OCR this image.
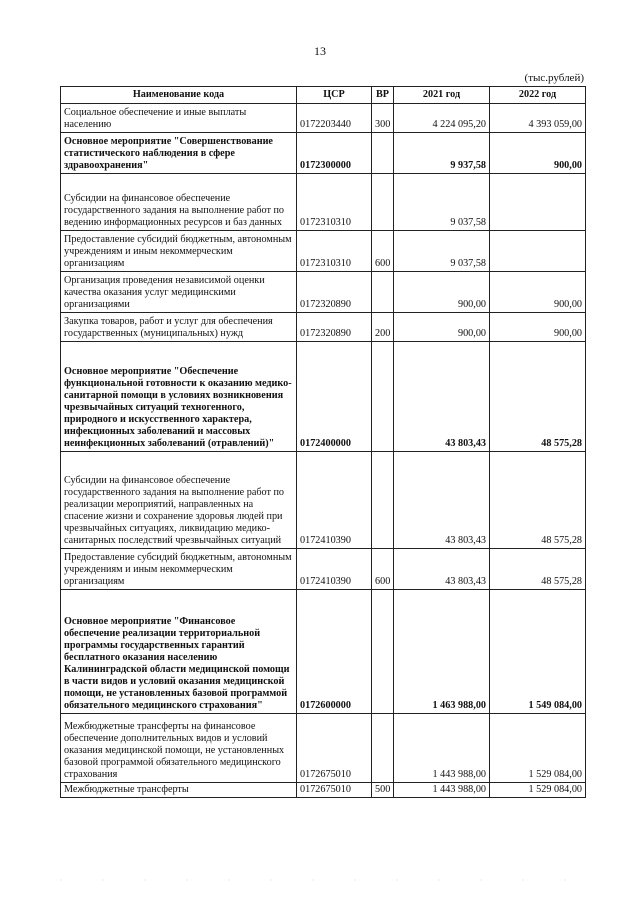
13
(тыс.рублей)
Наименование кода	ЦСР	ВР	2021 год	2022 год
Социальное обеспечение и иные выплаты населению	0172203440	300	4 224 095,20	4 393 059,00
Основное мероприятие "Совершенствование статистического наблюдения в сфере здравоохранения"	0172300000		9 937,58	900,00
Субсидии на финансовое обеспечение государственного задания на выполнение работ по ведению информационных ресурсов и баз данных	0172310310		9 037,58	
Предоставление субсидий бюджетным, автономным учреждениям и иным некоммерческим организациям	0172310310	600	9 037,58	
Организация проведения независимой оценки качества оказания услуг медицинскими организациями	0172320890		900,00	900,00
Закупка товаров, работ и услуг для обеспечения государственных (муниципальных) нужд	0172320890	200	900,00	900,00
Основное мероприятие "Обеспечение функциональной готовности к оказанию медико-санитарной помощи в условиях возникновения чрезвычайных ситуаций техногенного, природного и искусственного характера, инфекционных заболеваний и массовых неинфекционных заболеваний (отравлений)"	0172400000		43 803,43	48 575,28
Субсидии на финансовое обеспечение государственного задания на выполнение работ по реализации мероприятий, направленных на спасение жизни и сохранение здоровья людей при чрезвычайных ситуациях, ликвидацию медико-санитарных последствий чрезвычайных ситуаций	0172410390		43 803,43	48 575,28
Предоставление субсидий бюджетным, автономным учреждениям и иным некоммерческим организациям	0172410390	600	43 803,43	48 575,28
Основное мероприятие "Финансовое обеспечение реализации территориальной программы государственных гарантий бесплатного оказания населению Калининградской области медицинской помощи в части видов и условий оказания медицинской помощи, не установленных базовой программой обязательного медицинского страхования"	0172600000		1 463 988,00	1 549 084,00
Межбюджетные трансферты на финансовое обеспечение дополнительных видов и условий оказания медицинской помощи, не установленных базовой программой обязательного медицинского страхования	0172675010		1 443 988,00	1 529 084,00
Межбюджетные трансферты	0172675010	500	1 443 988,00	1 529 084,00
